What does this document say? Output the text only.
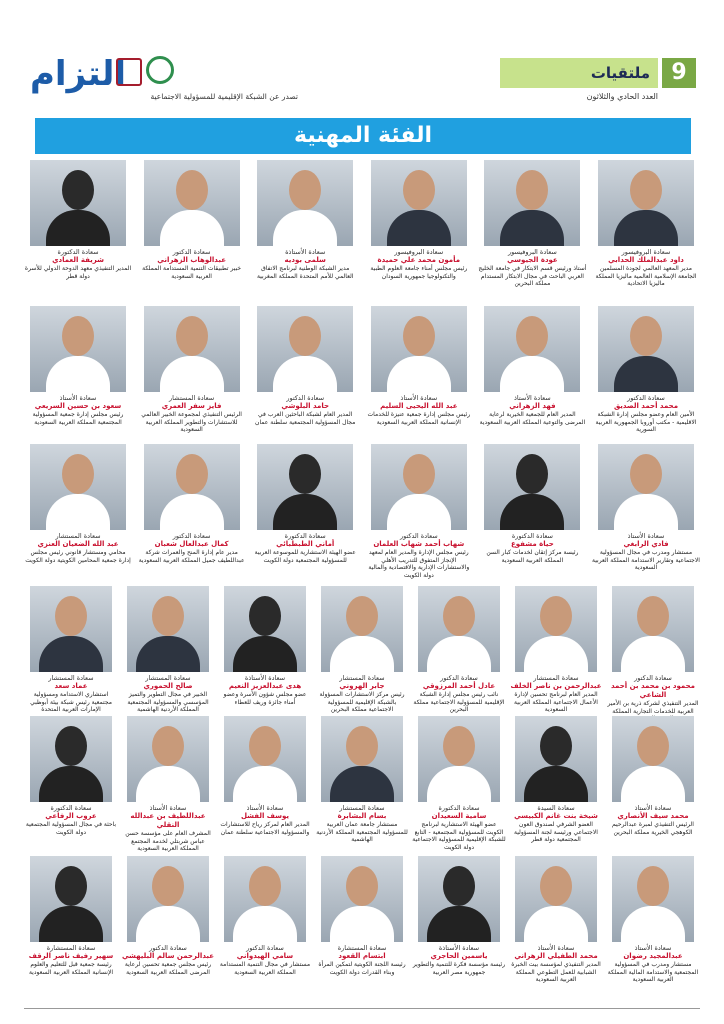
9
ملتقيات
العدد الحادي والثلاثون
التزام
تصدر عن الشبكة الإقليمية للمسؤولية الاجتماعية
الفئة المهنية
سعادة البروفيسور
داود عبدالملك الحدابي
مدير المعهد العالمي لجودة المسلمين الجامعة الإسلامية العالمية ماليزيا المملكة ماليزيا الاتحادية
سعادة البروفيسور
عودة الجيوسي
أستاذ ورئيس قسم الابتكار في جامعة الخليج العربي الباحث في مجال الابتكار المستدام مملكة البحرين
سعادة البروفيسور
مأمون محمد علي حميدة
رئيس مجلس أمناء جامعة العلوم الطبية والتكنولوجيا جمهورية السودان
سعادة الأستاذة
سلمى بوديه
مدير الشبكة الوطنية لبرنامج الاتفاق العالمي للأمم المتحدة المملكة المغربية
سعادة الدكتور
عبدالوهاب الزهراني
خبير تطبيقات التنمية المستدامة المملكة العربية السعودية
سعادة الدكتورة
شريفة العمادي
المدير التنفيذي معهد الدوحة الدولي للأسرة دولة قطر
سعادة الدكتور
محمد أحمد الصديق
الأمين العام وعضو مجلس إدارة الشبكة الاقليمية - مكتب أوروبا الجمهورية العربية السورية
سعادة الأستاذ
فهد الزهراني
المدير العام للجمعية الخيرية لرعاية المرضى والتوعية المملكة العربية السعودية
سعادة الأستاذ
عبد الله اليحيى السليم
رئيس مجلس إدارة جمعية عنيزة للخدمات الإنسانية المملكة العربية السعودية
سعادة الدكتور
حامد البلوشي
المدير العام لشبكة الباحثين العرب في مجال المسؤولية المجتمعية سلطنة عمان
سعادة المستشار
فايز سفر العمري
الرئيس التنفيذي لمجموعة الخبير العالمي للاستشارات والتطوير المملكة العربية السعودية
سعادة الأستاذ
سعود بن حسين السريعي
رئيس مجلس إدارة جمعية المسؤولية المجتمعية المملكة العربية السعودية
سعادة الأستاذ
فادي الرابغي
مستشار ومدرب في مجال المسؤولية الاجتماعية وتقارير الاستدامة المملكة العربية السعودية
سعادة الدكتورة
حياة مشفوع
رئيسة مركز إتقان لخدمات كبار السن المملكة العربية السعودية
سعادة الدكتور
شهاب أحمد شهاب العلمان
رئيس مجلس الإدارة والمدير العام لمعهد الإنجاز المتفوق للتدريب الأهلي والاستشارات الإدارية والاقتصادية والمالية دولة الكويت
سعادة الدكتورة
أماني الطبطبائي
عضو الهيئة الاستشارية للموسوعة العربية للمسؤولية المجتمعية دولة الكويت
سعادة الدكتور
كمال عبدالعال شعبان
مدير عام إدارة المنح والعمرات شركة عبداللطيف جميل المملكة العربية السعودية
سعادة المستشار
عبد الله الضعيان العنزي
محامي ومستشار قانوني رئيس مجلس إدارة جمعية المحامين الكويتية دولة الكويت
سعادة الدكتور
محمود بن محمد بن أحمد الشاعي
المدير التنفيذي لشركة ذرية بن الأمير العربية للخدمات التجارية المملكة
سعادة المستشار
عبدالرحمن بن ناصر الخلف
المدير العام لبرنامج تحسين لإدارة الأعمال الاجتماعية المملكة العربية السعودية
سعادة الدكتور
عادل أحمد المرزوقي
نائب رئيس مجلس إدارة الشبكة الإقليمية للمسؤولية الاجتماعية مملكة البحرين
سعادة المستشار
جابر الهروني
رئيس مركز الاستشارات المسؤولة بالشبكة الإقليمية للمسؤولية الاجتماعية مملكة البحرين
سعادة الأستاذة
هدى عبدالعزيز النعيم
عضو مجلس شؤون الأسرة وعضو أمناء جائزة وريف للعطاء
سعادة المستشار
صالح الحموري
الخبير في مجال التطوير والتميز المؤسسي والمسؤولية المجتمعية المملكة الأردنية الهاشمية
سعادة المستشار
عماد سعد
استشاري الاستدامة ومسؤولية مجتمعية رئيس شبكة بيئة أبوظبي الإمارات العربية المتحدة
سعادة الأستاذ
محمد سيف الأنصاري
الرئيس التنفيذي لمبرة عبدالرحيم الكوهجي الخيرية مملكة البحرين
سعادة السيدة
شيخة بنت غانم الكبيسي
العضو الشرفي لصندوق العون الاجتماعي ورئيسة لجنة المسؤولية المجتمعية دولة قطر
سعادة الدكتورة
سامية السعيدان
عضو الهيئة الاستشارية لبرنامج الكويت للمسؤولية المجتمعية - التابع للشبكة الإقليمية للمسؤولية الاجتماعية دولة الكويت
سعادة المستشار
بسام البشابرة
مستشار جامعة عمان العربية للمسؤولية المجتمعية المملكة الأردنية الهاشمية
سعادة الأستاذ
يوسف الفشل
المدير العام لمركز رياح للاستشارات والمسؤولية الاجتماعية سلطنة عمان
سعادة الأستاذ
عبداللطيف بن عبدالله النقلي
المشرف العام على مؤسسة حسن عباس شربتلي لخدمة المجتمع المملكة العربية السعودية
سعادة الدكتورة
عروب الرفاعي
باحثة في مجال المسؤولية المجتمعية دولة الكويت
سعادة الأستاذ
عبدالمجيد رضوان
مستشار ومدرب في المسؤولية المجتمعية والاستدامة المالية المملكة العربية السعودية
سعادة الأستاذ
محمد الطفيلي الزهراني
المدير التنفيذي لمؤسسة بيت الخبرة الشبابية للعمل التطوعي المملكة العربية السعودية
سعادة الأستاذة
ياسمين الحاجري
رئيسة مؤسسة فكرة للتنمية والتطوير جمهورية مصر العربية
سعادة المستشارة
ابتسام القعود
رئيسة اللجنة الكويتية لتمكين المرأة وبناء القدرات دولة الكويت
سعادة الدكتور
سامي الهيدواني
مستشار في مجال التنمية المستدامة المملكة العربية السعودية
سعادة الدكتور
عبدالرحمن سالم البليهشي
رئيس مجلس جمعية تحسين لرعاية المرضى المملكة العربية السعودية
سعادة المستشارة
سهير رفيف ناصر الرقف
رئيسة جمعية قبل للتعليم والعلوم الإنسانية المملكة العربية السعودية
